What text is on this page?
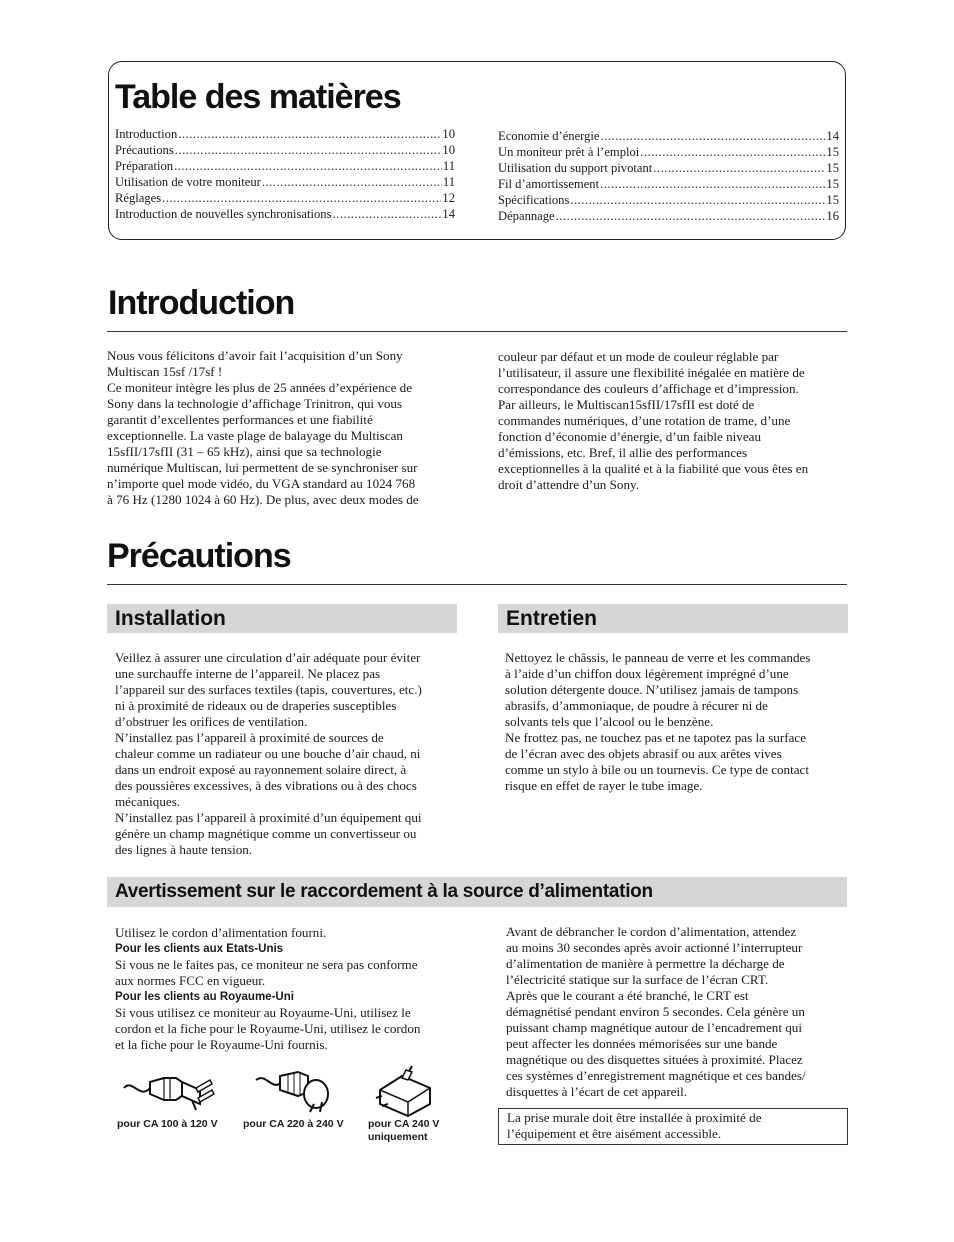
Table des matières
Introduction .....	10
Précautions .....	10
Préparation .....	11
Utilisation de votre moniteur .....	11
Réglages .....	12
Introduction de nouvelles synchronisations .....	14
Economie d’énergie .....	14
Un moniteur prêt à l’emploi .....	15
Utilisation du support pivotant .....	15
Fil d’amortissement .....	15
Spécifications .....	15
Dépannage .....	16
Introduction

Nous vous félicitons d’avoir fait l’acquisition d’un Sony

Multiscan 15sf /17sf !

Ce moniteur intègre les plus de 25 années d’expérience de

Sony dans la technologie d’affichage Trinitron, qui vous

garantit d’excellentes performances et une fiabilité

exceptionnelle. La vaste plage de balayage du Multiscan

15sfII/17sfII (31 – 65 kHz), ainsi que sa technologie

numérique Multiscan, lui permettent de se synchroniser sur

n’importe quel mode vidéo, du VGA standard au 1024 768

à 76 Hz (1280 1024 à 60 Hz). De plus, avec deux modes de

couleur par défaut et un mode de couleur réglable par

l’utilisateur, il assure une flexibilité inégalée en matière de

correspondance des couleurs d’affichage et d’impression.

Par ailleurs, le Multiscan15sfII/17sfII est doté de

commandes numériques, d’une rotation de trame, d’une

fonction d’économie d’énergie, d’un faible niveau

d’émissions, etc. Bref, il allie des performances

exceptionnelles à la qualité et à la fiabilité que vous êtes en

droit d’attendre d’un Sony.

Précautions
Installation	Entretien

Veillez à assurer une circulation d’air adéquate pour éviter

une surchauffe interne de l’appareil. Ne placez pas

l’appareil sur des surfaces textiles (tapis, couvertures, etc.)

ni à proximité de rideaux ou de draperies susceptibles

d’obstruer les orifices de ventilation.

N’installez pas l’appareil à proximité de sources de

chaleur comme un radiateur ou une bouche d’air chaud, ni

dans un endroit exposé au rayonnement solaire direct, à

des poussières excessives, à des vibrations ou à des chocs

mécaniques.

N’installez pas l’appareil à proximité d’un équipement qui

génère un champ magnétique comme un convertisseur ou

des lignes à haute tension.

Nettoyez le châssis, le panneau de verre et les commandes

à l’aide d’un chiffon doux légèrement imprégné d’une

solution détergente douce. N’utilisez jamais de tampons

abrasifs, d’ammoniaque, de poudre à récurer ni de

solvants tels que l’alcool ou le benzène.

Ne frottez pas, ne touchez pas et ne tapotez pas la surface

de l’écran avec des objets abrasif ou aux arêtes vives

comme un stylo à bile ou un tournevis. Ce type de contact

risque en effet de rayer le tube image.

Avertissement sur le raccordement à la source d’alimentation

Utilisez le cordon d’alimentation fourni.

Pour les clients aux Etats-Unis

Si vous ne le faites pas, ce moniteur ne sera pas conforme

aux normes FCC en vigueur.

Pour les clients au Royaume-Uni

Si vous utilisez ce moniteur au Royaume-Uni, utilisez le

cordon et la fiche pour le Royaume-Uni, utilisez le cordon

et la fiche pour le Royaume-Uni fournis.

Avant de débrancher le cordon d’alimentation, attendez

au moins 30 secondes après avoir actionné l’interrupteur

d’alimentation de manière à permettre la décharge de

l’électricité statique sur la surface de l’écran CRT.

Après que le courant a été branché, le CRT est

démagnétisé pendant environ 5 secondes. Cela génère un

puissant champ magnétique autour de l’encadrement qui

peut affecter les données mémorisées sur une bande

magnétique ou des disquettes situées à proximité. Placez

ces systèmes d’enregistrement magnétique et ces bandes/

disquettes à l’écart de cet appareil.

La prise murale doit être installée à proximité de

l’équipement et être aisément accessible.

pour CA 100 à 120 V pour CA 220 à 240 V pour CA 240 V
uniquement
